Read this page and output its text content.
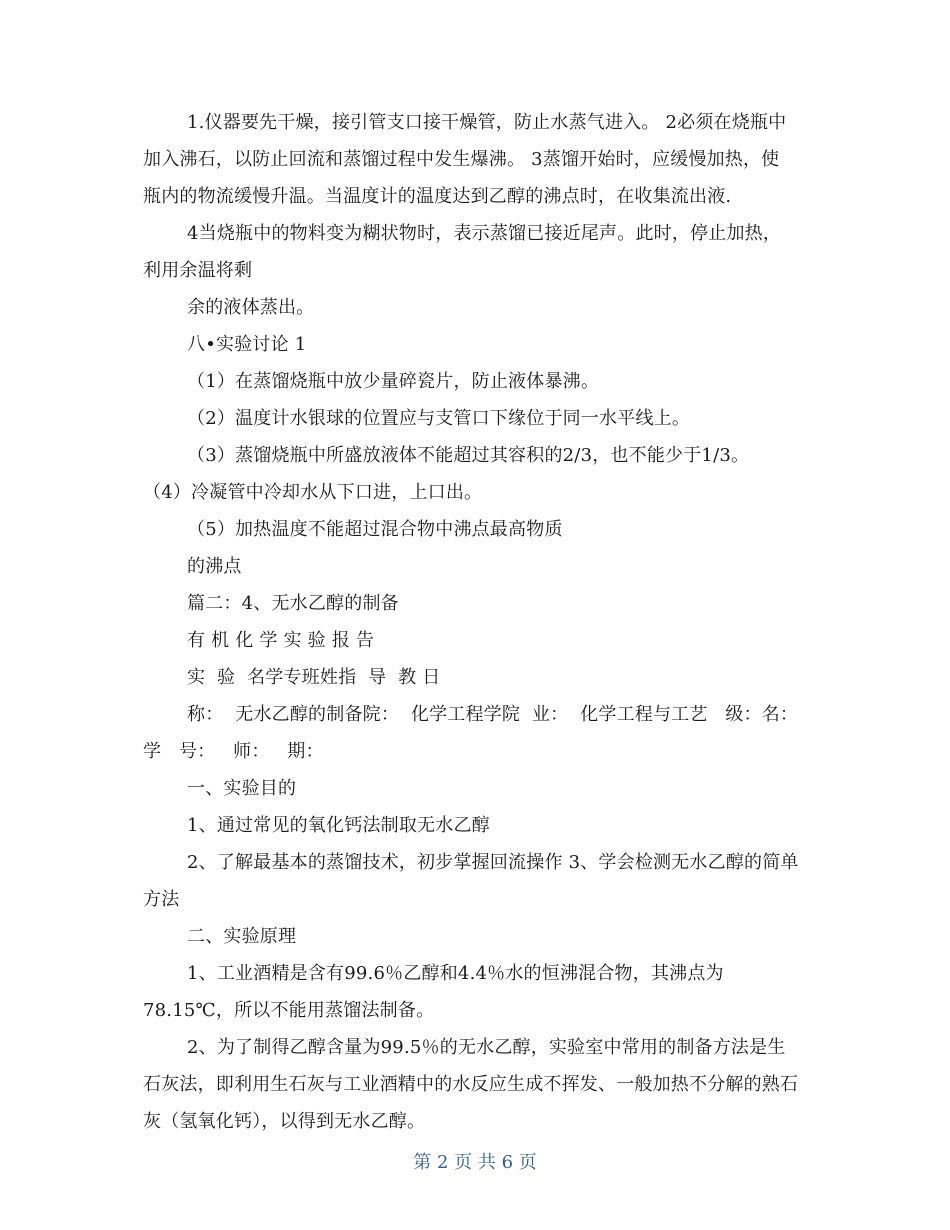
1.仪器要先干燥，接引管支口接干燥管，防止水蒸气进入。 2必须在烧瓶中
加入沸石，以防止回流和蒸馏过程中发生爆沸。 3蒸馏开始时，应缓慢加热，使
瓶内的物流缓慢升温。当温度计的温度达到乙醇的沸点时，在收集流出液.
4当烧瓶中的物料变为糊状物时，表示蒸馏已接近尾声。此时，停止加热，
利用余温将剩
余的液体蒸出。
八•实验讨论 1
（1）在蒸馏烧瓶中放少量碎瓷片，防止液体暴沸。
（2）温度计水银球的位置应与支管口下缘位于同一水平线上。
（3）蒸馏烧瓶中所盛放液体不能超过其容积的2/3，也不能少于1/3。
（4）冷凝管中冷却水从下口进，上口出。
（5）加热温度不能超过混合物中沸点最高物质
的沸点
篇二：4、无水乙醇的制备
有 机 化 学 实 验 报 告
实  验  名学专班姓指  导  教 日
称：  无水乙醇的制备院：  化学工程学院  业：  化学工程与工艺   级：名：
学   号：   师：   期：
一、实验目的
1、通过常见的氧化钙法制取无水乙醇
2、了解最基本的蒸馏技术，初步掌握回流操作 3、学会检测无水乙醇的简单
方法
二、实验原理
1、工业酒精是含有99.6％乙醇和4.4％水的恒沸混合物，其沸点为
78.15℃，所以不能用蒸馏法制备。
2、为了制得乙醇含量为99.5％的无水乙醇，实验室中常用的制备方法是生
石灰法，即利用生石灰与工业酒精中的水反应生成不挥发、一般加热不分解的熟石
灰（氢氧化钙），以得到无水乙醇。
第 2 页 共 6 页
